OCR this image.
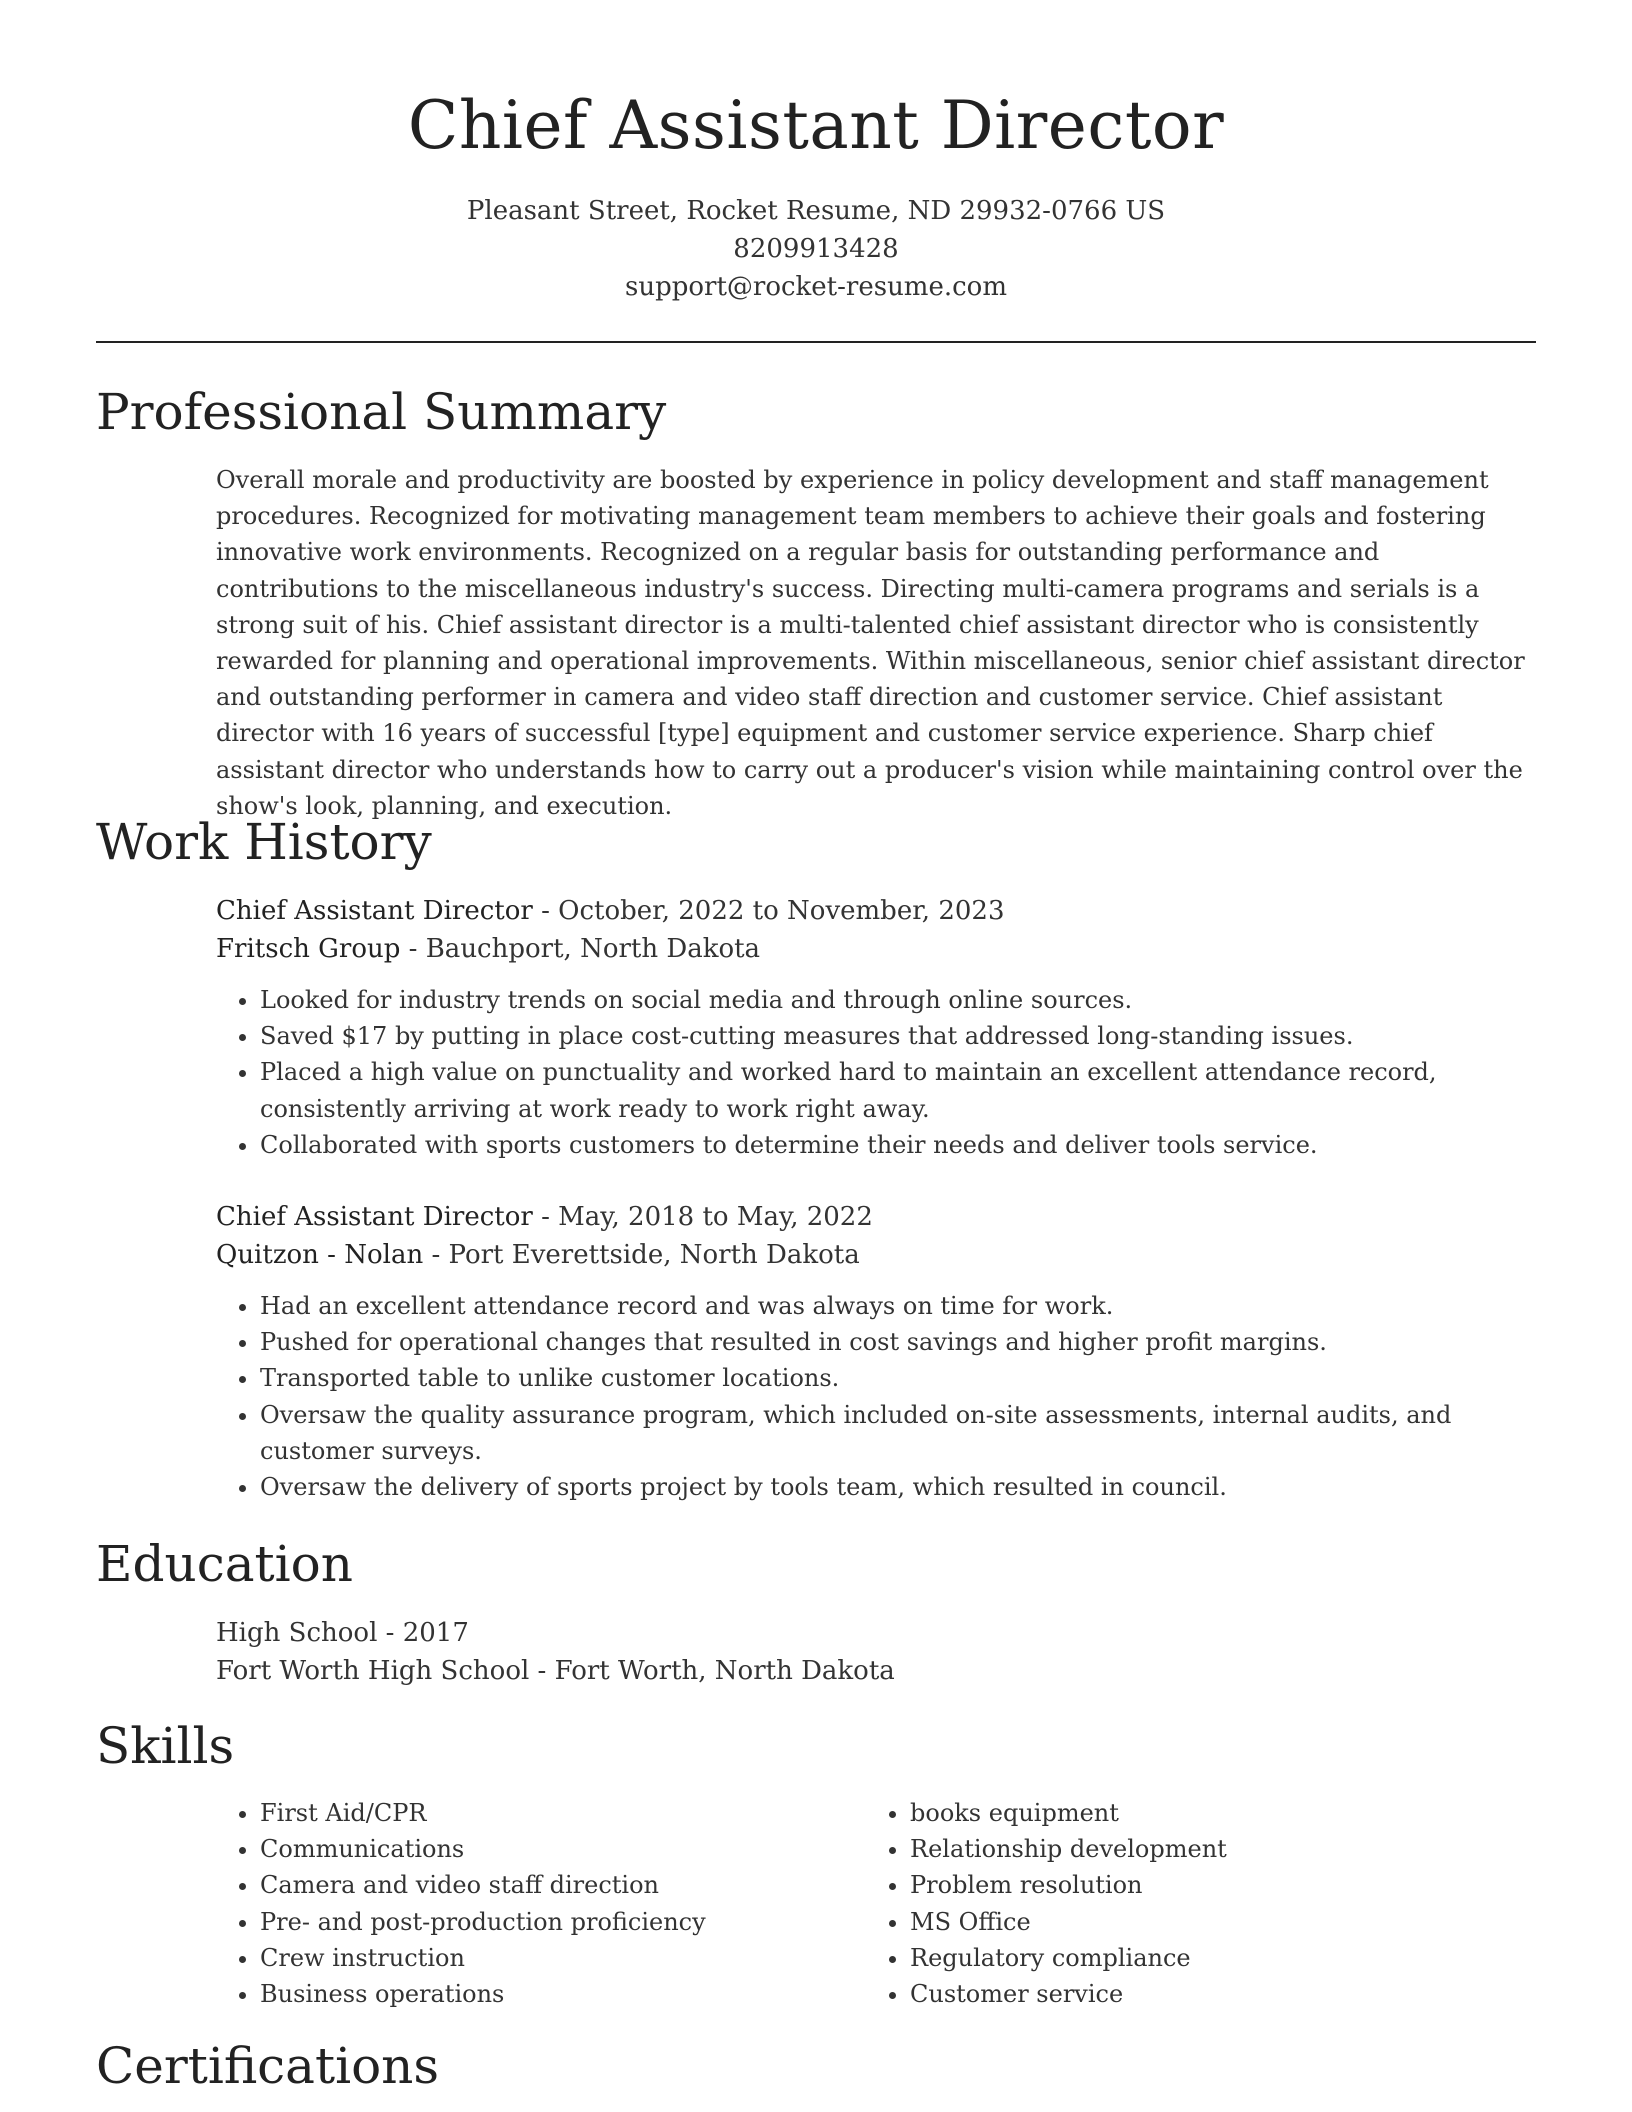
Chief Assistant Director
Pleasant Street, Rocket Resume, ND 29932-0766 US
8209913428
support@rocket-resume.com
Professional Summary
Overall morale and productivity are boosted by experience in policy development and staff management procedures. Recognized for motivating management team members to achieve their goals and fostering innovative work environments. Recognized on a regular basis for outstanding performance and contributions to the miscellaneous industry's success. Directing multi-camera programs and serials is a strong suit of his. Chief assistant director is a multi-talented chief assistant director who is consistently rewarded for planning and operational improvements. Within miscellaneous, senior chief assistant director and outstanding performer in camera and video staff direction and customer service. Chief assistant director with 16 years of successful [type] equipment and customer service experience. Sharp chief assistant director who understands how to carry out a producer's vision while maintaining control over the show's look, planning, and execution.
Work History
Chief Assistant Director - October, 2022 to November, 2023
Fritsch Group - Bauchport, North Dakota
• Looked for industry trends on social media and through online sources.
• Saved $17 by putting in place cost-cutting measures that addressed long-standing issues.
• Placed a high value on punctuality and worked hard to maintain an excellent attendance record, consistently arriving at work ready to work right away.
• Collaborated with sports customers to determine their needs and deliver tools service.
Chief Assistant Director - May, 2018 to May, 2022
Quitzon - Nolan - Port Everettside, North Dakota
• Had an excellent attendance record and was always on time for work.
• Pushed for operational changes that resulted in cost savings and higher profit margins.
• Transported table to unlike customer locations.
• Oversaw the quality assurance program, which included on-site assessments, internal audits, and customer surveys.
• Oversaw the delivery of sports project by tools team, which resulted in council.
Education
High School - 2017
Fort Worth High School - Fort Worth, North Dakota
Skills
• First Aid/CPR
• Communications
• Camera and video staff direction
• Pre- and post-production proficiency
• Crew instruction
• Business operations
• books equipment
• Relationship development
• Problem resolution
• MS Office
• Regulatory compliance
• Customer service
Certifications
